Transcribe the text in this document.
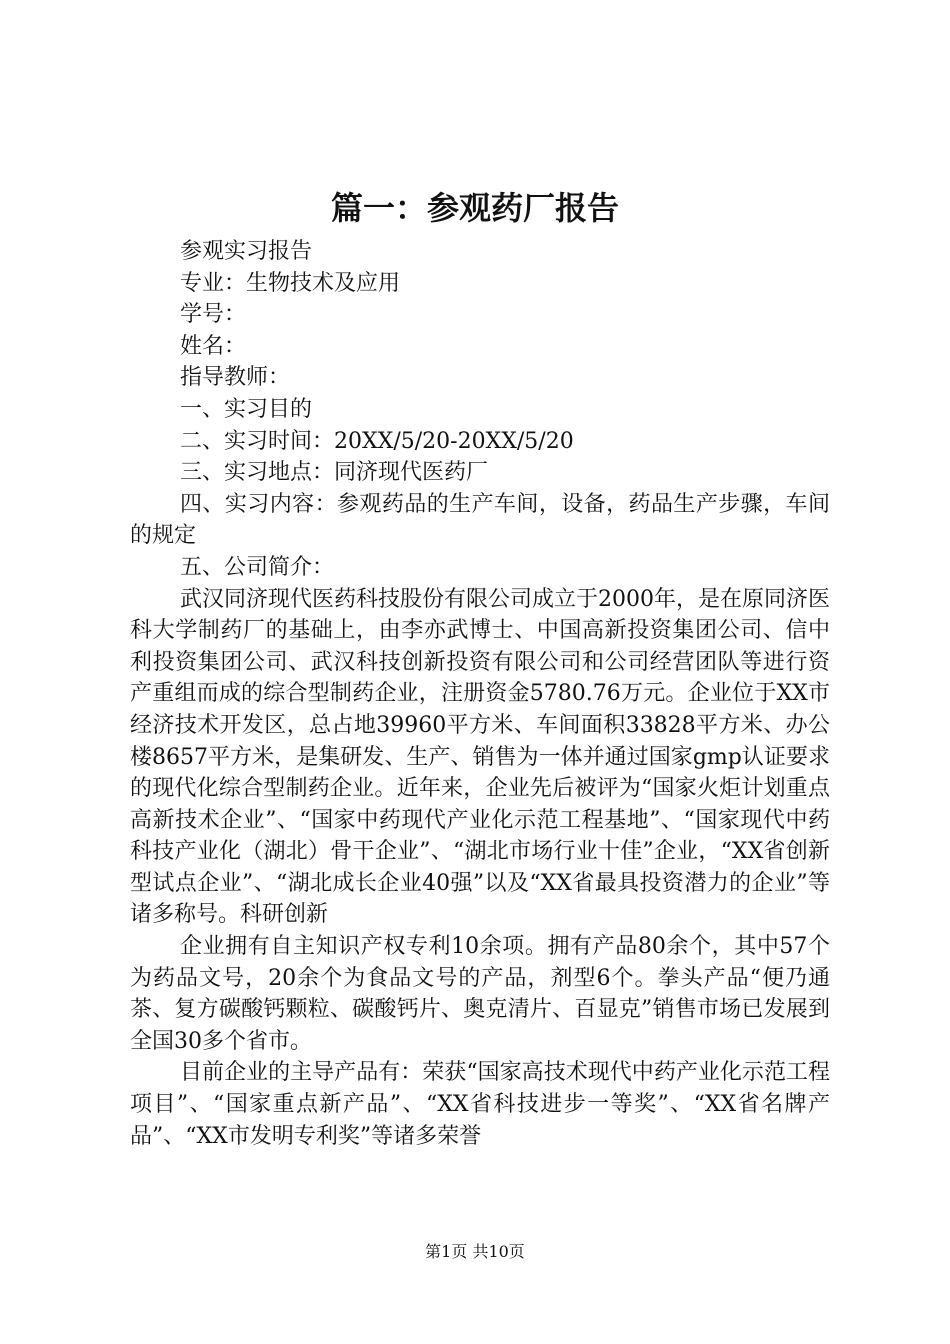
篇一：参观药厂报告
参观实习报告
专业：生物技术及应用
学号：
姓名：
指导教师：
一、实习目的
二、实习时间：20XX/5/20-20XX/5/20
三、实习地点：同济现代医药厂
四、实习内容：参观药品的生产车间，设备，药品生产步骤，车间的规定
五、公司简介：
武汉同济现代医药科技股份有限公司成立于2000年，是在原同济医科大学制药厂的基础上，由李亦武博士、中国高新投资集团公司、信中利投资集团公司、武汉科技创新投资有限公司和公司经营团队等进行资产重组而成的综合型制药企业，注册资金5780.76万元。企业位于XX市经济技术开发区，总占地39960平方米、车间面积33828平方米、办公楼8657平方米，是集研发、生产、销售为一体并通过国家gmp认证要求的现代化综合型制药企业。近年来，企业先后被评为“国家火炬计划重点高新技术企业”、“国家中药现代产业化示范工程基地”、“国家现代中药科技产业化（湖北）骨干企业”、“湖北市场行业十佳”企业，“XX省创新型试点企业”、“湖北成长企业40强”以及“XX省最具投资潜力的企业”等诸多称号。科研创新
企业拥有自主知识产权专利10余项。拥有产品80余个，其中57个为药品文号，20余个为食品文号的产品，剂型6个。拳头产品“便乃通茶、复方碳酸钙颗粒、碳酸钙片、奥克清片、百显克”销售市场已发展到全国30多个省市。
目前企业的主导产品有：荣获“国家高技术现代中药产业化示范工程项目”、“国家重点新产品”、“XX省科技进步一等奖”、“XX省名牌产品”、“XX市发明专利奖”等诸多荣誉
第1页 共10页
